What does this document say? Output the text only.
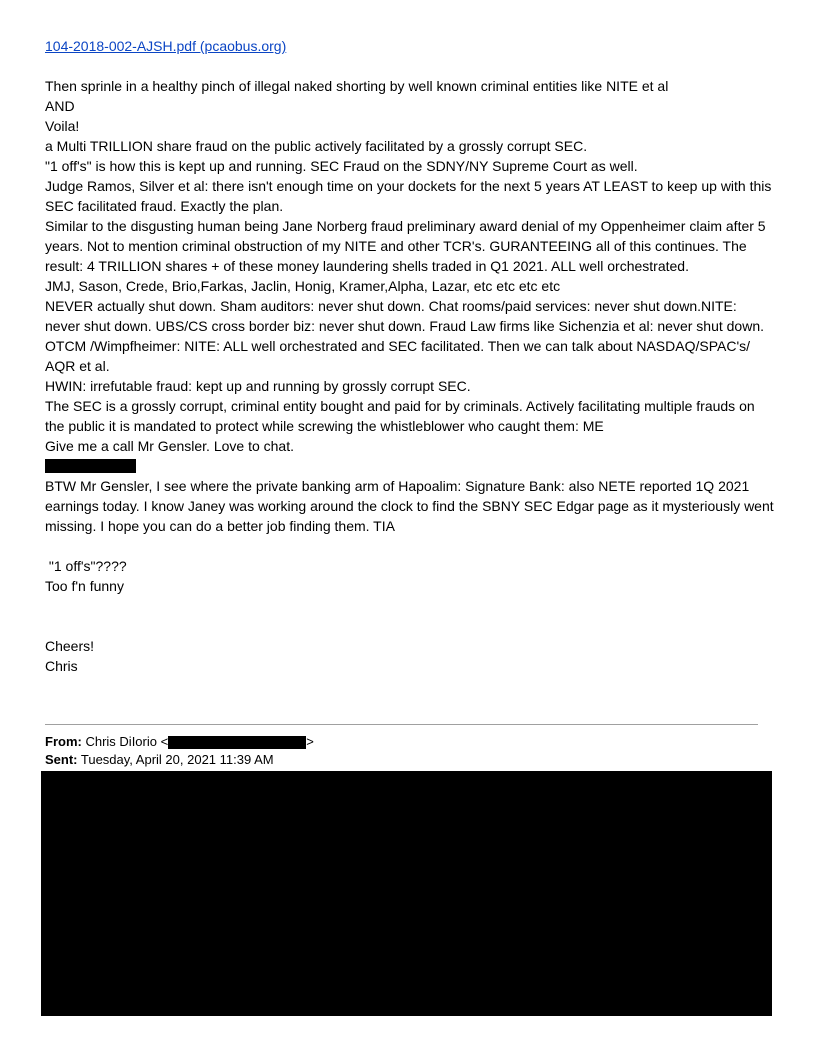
104-2018-002-AJSH.pdf (pcaobus.org)

Then sprinle in a healthy pinch of illegal naked shorting by well known criminal entities like NITE et al

AND

Voila!

a Multi TRILLION share fraud on the public actively facilitated by a grossly corrupt SEC.

"1 off's" is how this is kept up and running. SEC Fraud on the SDNY/NY Supreme Court as well.

Judge Ramos, Silver et al: there isn't enough time on your dockets for the next 5 years AT LEAST to keep up with this SEC facilitated fraud. Exactly the plan.

Similar to the disgusting human being Jane Norberg fraud preliminary award denial of my Oppenheimer claim after 5 years. Not to mention criminal obstruction of my NITE and other TCR's. GURANTEEING all of this continues. The result: 4 TRILLION shares + of these money laundering shells traded in Q1 2021. ALL well orchestrated.

JMJ, Sason, Crede, Brio,Farkas, Jaclin, Honig, Kramer,Alpha, Lazar, etc etc etc etc

NEVER actually shut down. Sham auditors: never shut down. Chat rooms/paid services: never shut down.NITE: never shut down. UBS/CS cross border biz: never shut down. Fraud Law firms like Sichenzia et al: never shut down. OTCM /Wimpfheimer: NITE: ALL well orchestrated and SEC facilitated. Then we can talk about NASDAQ/SPAC's/ AQR et al.

HWIN: irrefutable fraud: kept up and running by grossly corrupt SEC.

The SEC is a grossly corrupt, criminal entity bought and paid for by criminals. Actively facilitating multiple frauds on the public it is mandated to protect while screwing the whistleblower who caught them: ME

Give me a call Mr Gensler. Love to chat.

BTW Mr Gensler, I see where the private banking arm of Hapoalim: Signature Bank: also NETE reported 1Q 2021 earnings today. I know Janey was working around the clock to find the SBNY SEC Edgar page as it mysteriously went missing. I hope you can do a better job finding them. TIA

"1 off's"????

Too f'n funny

Cheers!

Chris

From: Chris DiIorio <	>
Sent: Tuesday, April 20, 2021 11:39 AM
